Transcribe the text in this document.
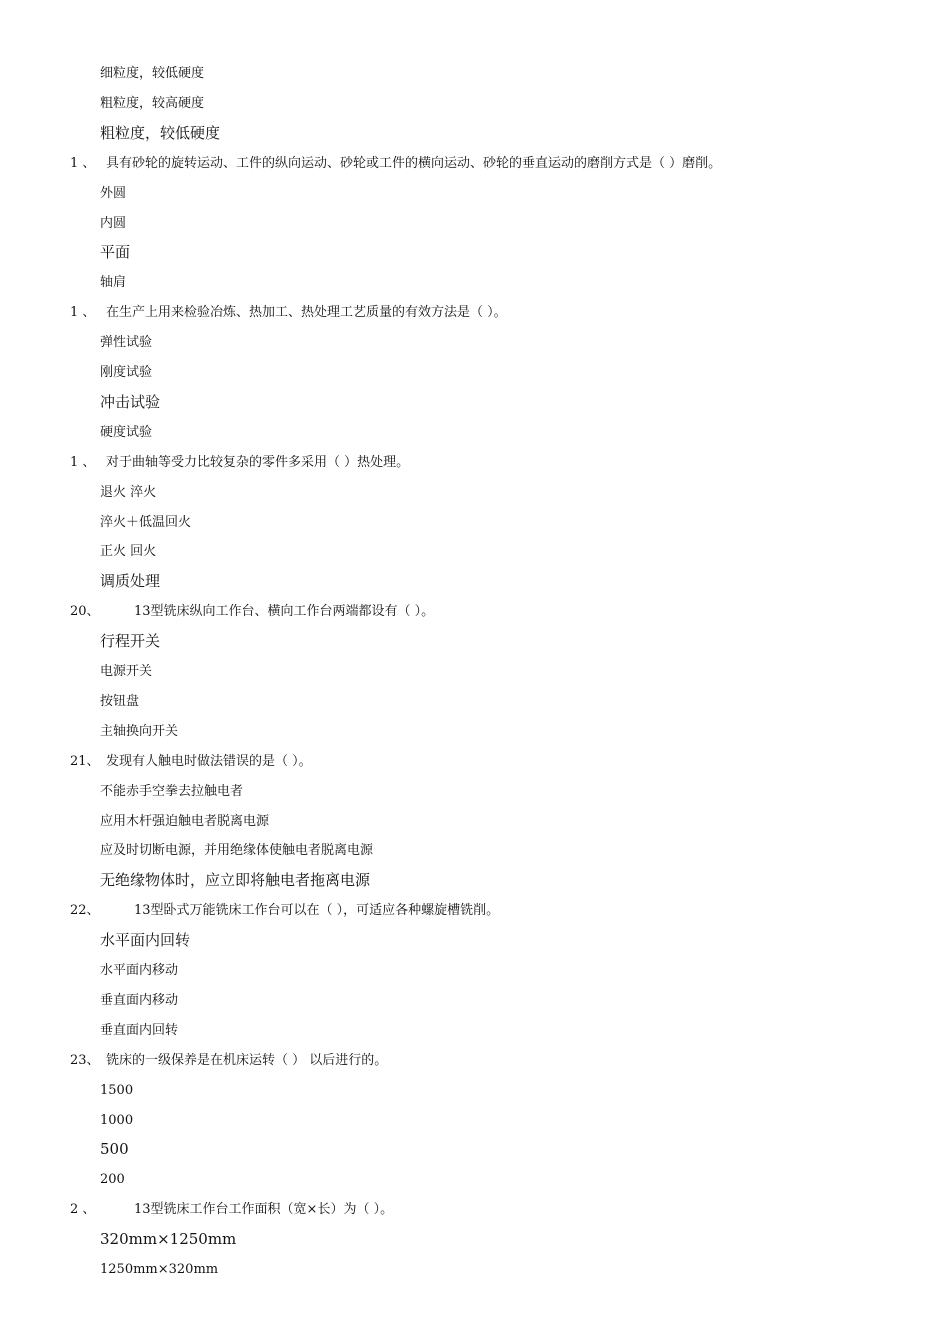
细粒度，较低硬度
粗粒度，较高硬度
粗粒度，较低硬度
1 、 具有砂轮的旋转运动、工件的纵向运动、砂轮或工件的横向运动、砂轮的垂直运动的磨削方式是（ ）磨削。
外圆
内圆
平面
轴肩
1 、 在生产上用来检验冶炼、热加工、热处理工艺质量的有效方法是（ ）。
弹性试验
刚度试验
冲击试验
硬度试验
1 、 对于曲轴等受力比较复杂的零件多采用（ ）热处理。
退火 淬火
淬火＋低温回火
正火 回火
调质处理
20、	13型铣床纵向工作台、横向工作台两端都设有（ ）。
行程开关
电源开关
按钮盘
主轴换向开关
21、 发现有人触电时做法错误的是（ ）。
不能赤手空拳去拉触电者
应用木杆强迫触电者脱离电源
应及时切断电源，并用绝缘体使触电者脱离电源
无绝缘物体时，应立即将触电者拖离电源
22、	13型卧式万能铣床工作台可以在（ ），可适应各种螺旋槽铣削。
水平面内回转
水平面内移动
垂直面内移动
垂直面内回转
23、 铣床的一级保养是在机床运转（ ） 以后进行的。
1500
1000
500
200
2 、	13型铣床工作台工作面积（宽×长）为（ ）。
320mm×1250mm
1250mm×320mm
